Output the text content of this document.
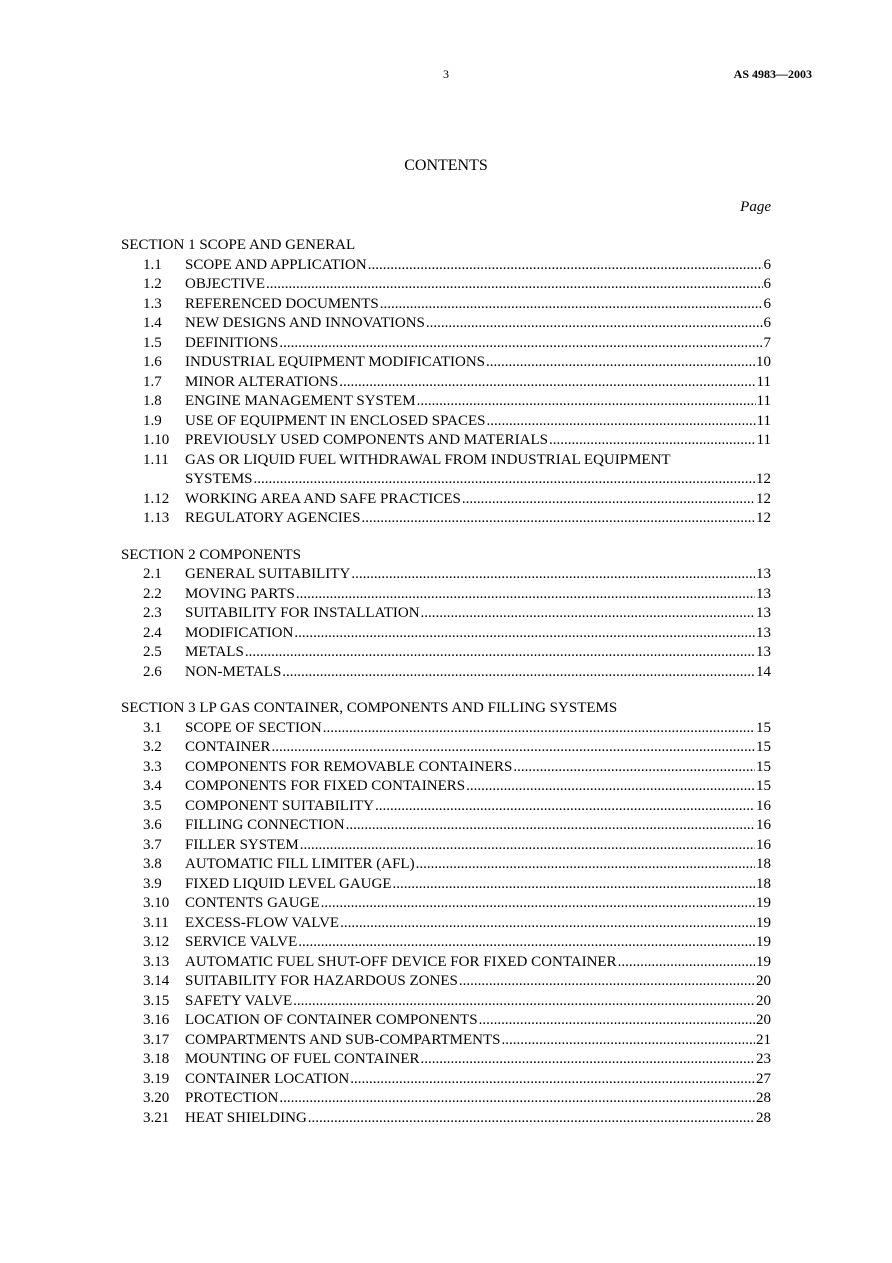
3	AS 4983—2003
CONTENTS
Page
SECTION 1 SCOPE AND GENERAL
1.1	SCOPE AND APPLICATION .....	6
1.2	OBJECTIVE .....	6
1.3	REFERENCED DOCUMENTS .....	6
1.4	NEW DESIGNS AND INNOVATIONS .....	6
1.5	DEFINITIONS .....	7
1.6	INDUSTRIAL EQUIPMENT MODIFICATIONS .....	10
1.7	MINOR ALTERATIONS .....	11
1.8	ENGINE MANAGEMENT SYSTEM .....	11
1.9	USE OF EQUIPMENT IN ENCLOSED SPACES .....	11
1.10	PREVIOUSLY USED COMPONENTS AND MATERIALS .....	11
1.11	GAS OR LIQUID FUEL WITHDRAWAL FROM INDUSTRIAL EQUIPMENT
SYSTEMS .....	12
1.12	WORKING AREA AND SAFE PRACTICES .....	12
1.13	REGULATORY AGENCIES .....	12
SECTION 2 COMPONENTS
2.1	GENERAL SUITABILITY .....	13
2.2	MOVING PARTS .....	13
2.3	SUITABILITY FOR INSTALLATION .....	13
2.4	MODIFICATION .....	13
2.5	METALS .....	13
2.6	NON-METALS .....	14
SECTION 3 LP GAS CONTAINER, COMPONENTS AND FILLING SYSTEMS
3.1	SCOPE OF SECTION .....	15
3.2	CONTAINER .....	15
3.3	COMPONENTS FOR REMOVABLE CONTAINERS .....	15
3.4	COMPONENTS FOR FIXED CONTAINERS .....	15
3.5	COMPONENT SUITABILITY .....	16
3.6	FILLING CONNECTION .....	16
3.7	FILLER SYSTEM .....	16
3.8	AUTOMATIC FILL LIMITER (AFL) .....	18
3.9	FIXED LIQUID LEVEL GAUGE .....	18
3.10	CONTENTS GAUGE .....	19
3.11	EXCESS-FLOW VALVE .....	19
3.12	SERVICE VALVE .....	19
3.13	AUTOMATIC FUEL SHUT-OFF DEVICE FOR FIXED CONTAINER .....	19
3.14	SUITABILITY FOR HAZARDOUS ZONES .....	20
3.15	SAFETY VALVE .....	20
3.16	LOCATION OF CONTAINER COMPONENTS .....	20
3.17	COMPARTMENTS AND SUB-COMPARTMENTS .....	21
3.18	MOUNTING OF FUEL CONTAINER .....	23
3.19	CONTAINER LOCATION .....	27
3.20	PROTECTION .....	28
3.21	HEAT SHIELDING .....	28
